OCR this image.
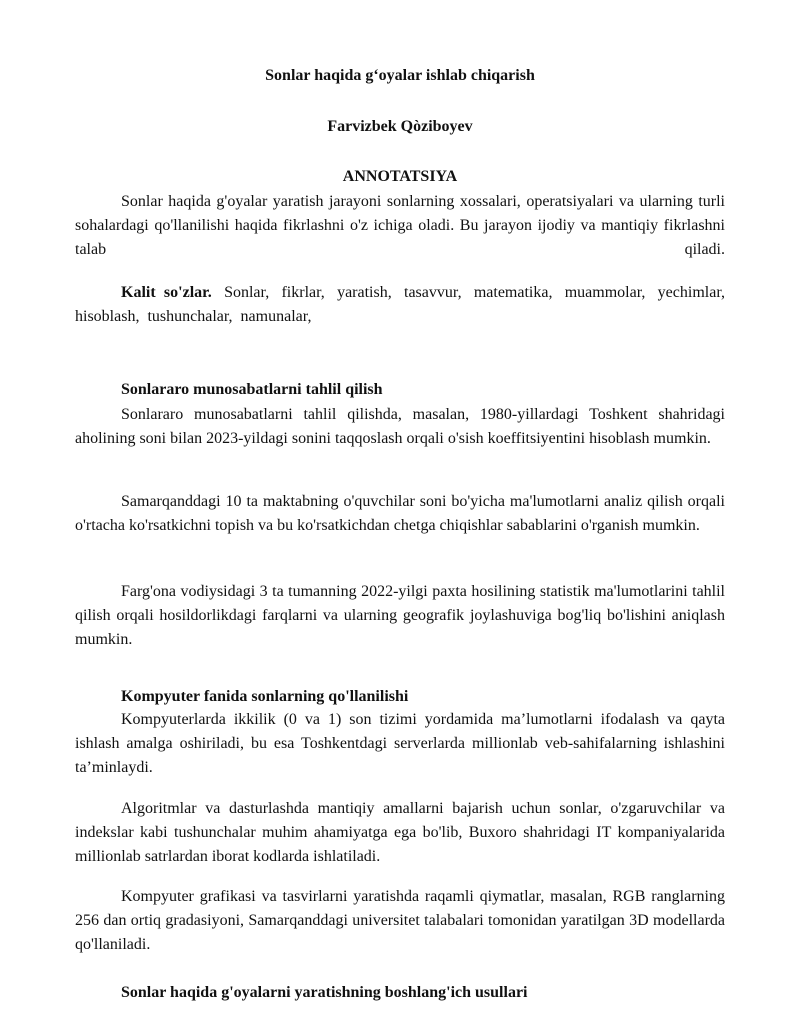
Sonlar haqida g‘oyalar ishlab chiqarish
Farvizbek Qòziboyev
ANNOTATSIYA

Sonlar haqida g'oyalar yaratish jarayoni sonlarning xossalari, operatsiyalari va ularning turli sohalardagi qo'llanilishi haqida fikrlashni o'z ichiga oladi. Bu jarayon ijodiy va mantiqiy fikrlashni talab qiladi.

Kalit so'zlar. Sonlar, fikrlar, yaratish, tasavvur, matematika, muammolar, yechimlar, hisoblash, tushunchalar, namunalar,

Sonlararo munosabatlarni tahlil qilish

Sonlararo munosabatlarni tahlil qilishda, masalan, 1980-yillardagi Toshkent shahridagi aholining soni bilan 2023-yildagi sonini taqqoslash orqali o'sish koeffitsiyentini hisoblash mumkin.

Samarqanddagi 10 ta maktabning o'quvchilar soni bo'yicha ma'lumotlarni analiz qilish orqali o'rtacha ko'rsatkichni topish va bu ko'rsatkichdan chetga chiqishlar sabablarini o'rganish mumkin.

Farg'ona vodiysidagi 3 ta tumanning 2022-yilgi paxta hosilining statistik ma'lumotlarini tahlil qilish orqali hosildorlikdagi farqlarni va ularning geografik joylashuviga bog'liq bo'lishini aniqlash mumkin.

Kompyuter fanida sonlarning qo'llanilishi

Kompyuterlarda ikkilik (0 va 1) son tizimi yordamida ma’lumotlarni ifodalash va qayta ishlash amalga oshiriladi, bu esa Toshkentdagi serverlarda millionlab veb-sahifalarning ishlashini ta’minlaydi.

Algoritmlar va dasturlashda mantiqiy amallarni bajarish uchun sonlar, o'zgaruvchilar va indekslar kabi tushunchalar muhim ahamiyatga ega bo'lib, Buxoro shahridagi IT kompaniyalarida millionlab satrlardan iborat kodlarda ishlatiladi.

Kompyuter grafikasi va tasvirlarni yaratishda raqamli qiymatlar, masalan, RGB ranglarning 256 dan ortiq gradasiyoni, Samarqanddagi universitet talabalari tomonidan yaratilgan 3D modellarda qo'llaniladi.

Sonlar haqida g'oyalarni yaratishning boshlang'ich usullari
